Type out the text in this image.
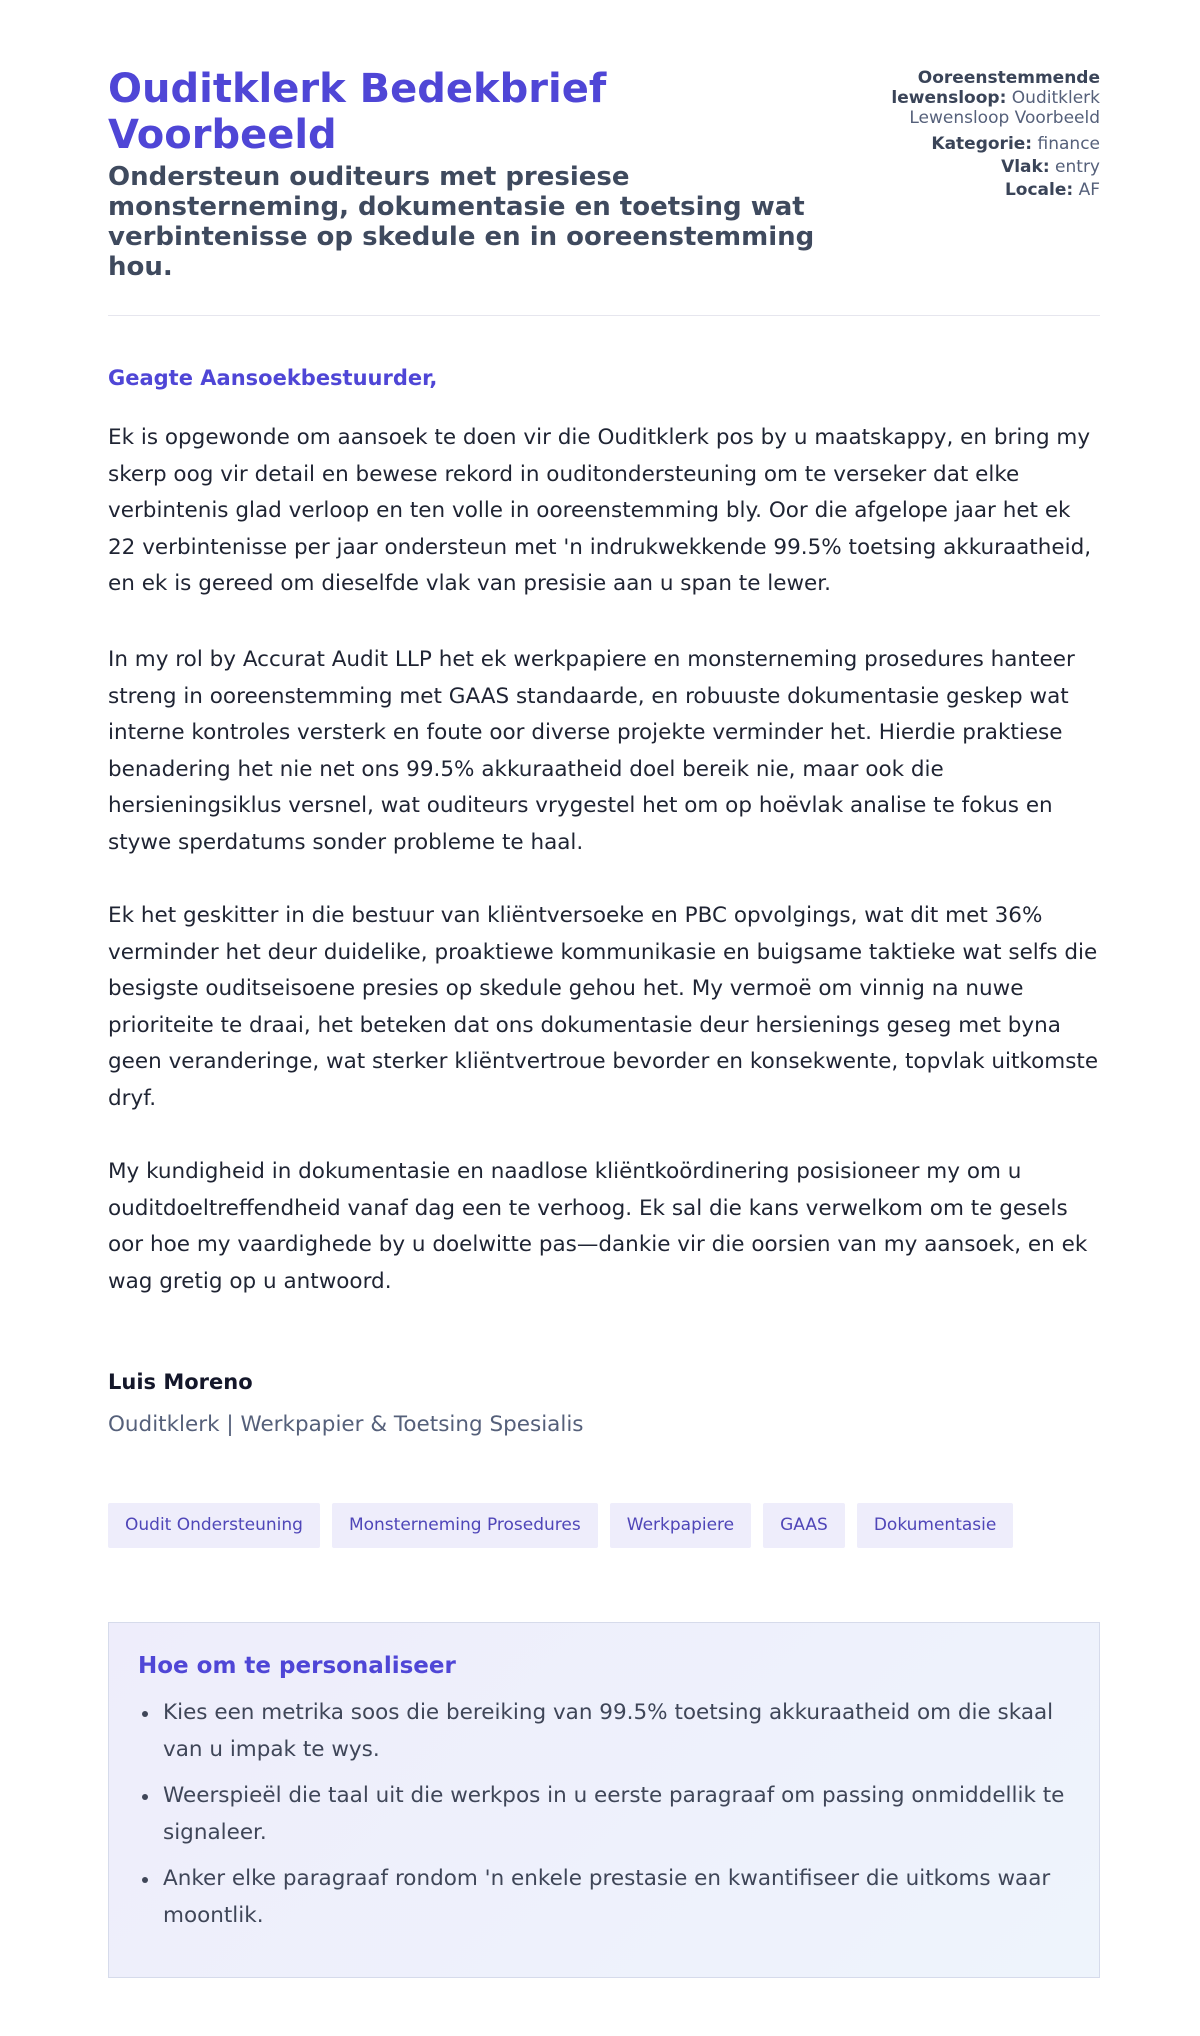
Ouditklerk Bedekbrief Voorbeeld
Ondersteun ouditeurs met presiese monsterneming, dokumentasie en toetsing wat verbintenisse op skedule en in ooreenstemming hou.
Ooreenstemmende lewensloop: Ouditklerk Lewensloop Voorbeeld
Kategorie: finance
Vlak: entry
Locale: AF
Geagte Aansoekbestuurder,

Ek is opgewonde om aansoek te doen vir die Ouditklerk pos by u maatskappy, en bring my skerp oog vir detail en bewese rekord in ouditondersteuning om te verseker dat elke verbintenis glad verloop en ten volle in ooreenstemming bly. Oor die afgelope jaar het ek 22 verbintenisse per jaar ondersteun met 'n indrukwekkende 99.5% toetsing akkuraatheid, en ek is gereed om dieselfde vlak van presisie aan u span te lewer.

In my rol by Accurat Audit LLP het ek werkpapiere en monsterneming prosedures hanteer streng in ooreenstemming met GAAS standaarde, en robuuste dokumentasie geskep wat interne kontroles versterk en foute oor diverse projekte verminder het. Hierdie praktiese benadering het nie net ons 99.5% akkuraatheid doel bereik nie, maar ook die hersieningsiklus versnel, wat ouditeurs vrygestel het om op hoëvlak analise te fokus en stywe sperdatums sonder probleme te haal.

Ek het geskitter in die bestuur van kliëntversoeke en PBC opvolgings, wat dit met 36% verminder het deur duidelike, proaktiewe kommunikasie en buigsame taktieke wat selfs die besigste ouditseisoene presies op skedule gehou het. My vermoë om vinnig na nuwe prioriteite te draai, het beteken dat ons dokumentasie deur hersienings geseg met byna geen veranderinge, wat sterker kliëntvertroue bevorder en konsekwente, topvlak uitkomste dryf.

My kundigheid in dokumentasie en naadlose kliëntkoördinering posisioneer my om u ouditdoeltreffendheid vanaf dag een te verhoog. Ek sal die kans verwelkom om te gesels oor hoe my vaardighede by u doelwitte pas—dankie vir die oorsien van my aansoek, en ek wag gretig op u antwoord.

Luis Moreno
Ouditklerk | Werkpapier & Toetsing Spesialis
Oudit Ondersteuning	Monsterneming Prosedures	Werkpapiere	GAAS	Dokumentasie
Hoe om te personaliseer
Kies een metrika soos die bereiking van 99.5% toetsing akkuraatheid om die skaal van u impak te wys.
Weerspieël die taal uit die werkpos in u eerste paragraaf om passing onmiddellik te signaleer.
Anker elke paragraaf rondom 'n enkele prestasie en kwantifiseer die uitkoms waar moontlik.
